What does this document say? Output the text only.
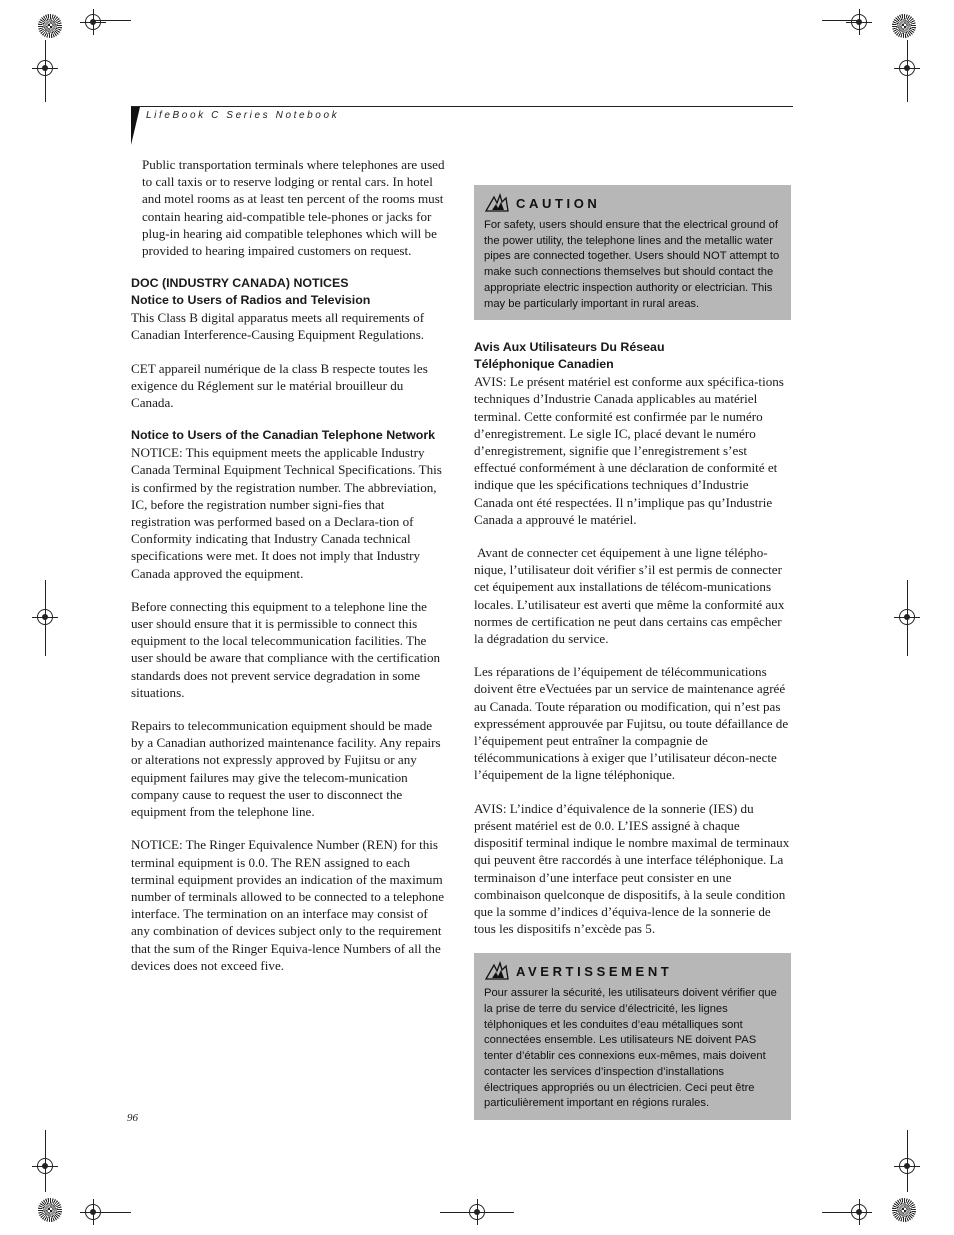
LifeBook C Series Notebook

Public transportation terminals where telephones are used to call taxis or to reserve lodging or rental cars. In hotel and motel rooms as at least ten percent of the rooms must contain hearing aid-compatible tele-phones or jacks for plug-in hearing aid compatible telephones which will be provided to hearing impaired customers on request.

DOC (INDUSTRY CANADA) NOTICES
Notice to Users of Radios and Television

This Class B digital apparatus meets all requirements of Canadian Interference-Causing Equipment Regulations.

CET appareil numérique de la class B respecte toutes les exigence du Réglement sur le matérial brouilleur du Canada.

Notice to Users of the Canadian Telephone Network

NOTICE: This equipment meets the applicable Industry Canada Terminal Equipment Technical Specifications. This is confirmed by the registration number. The abbreviation, IC, before the registration number signi-fies that registration was performed based on a Declara-tion of Conformity indicating that Industry Canada technical specifications were met. It does not imply that Industry Canada approved the equipment.

Before connecting this equipment to a telephone line the user should ensure that it is permissible to connect this equipment to the local telecommunication facilities. The user should be aware that compliance with the certification standards does not prevent service degradation in some situations.

Repairs to telecommunication equipment should be made by a Canadian authorized maintenance facility. Any repairs or alterations not expressly approved by Fujitsu or any equipment failures may give the telecom-munication company cause to request the user to disconnect the equipment from the telephone line.

NOTICE: The Ringer Equivalence Number (REN) for this terminal equipment is 0.0. The REN assigned to each terminal equipment provides an indication of the maximum number of terminals allowed to be connected to a telephone interface. The termination on an interface may consist of any combination of devices subject only to the requirement that the sum of the Ringer Equiva-lence Numbers of all the devices does not exceed five.

CAUTION

For safety, users should ensure that the electrical ground of the power utility, the telephone lines and the metallic water pipes are connected together. Users should NOT attempt to make such connections themselves but should contact the appropriate electric inspection authority or electrician. This may be particularly important in rural areas.

Avis Aux Utilisateurs Du Réseau
Téléphonique Canadien

AVIS: Le présent matériel est conforme aux spécifica-tions techniques d’Industrie Canada applicables au matériel terminal. Cette conformité est confirmée par le numéro d’enregistrement. Le sigle IC, placé devant le numéro d’enregistrement, signifie que l’enregistrement s’est effectué conformément à une déclaration de conformité et indique que les spécifications techniques d’Industrie Canada ont été respectées. Il n’implique pas qu’Industrie Canada a approuvé le matériel.

Avant de connecter cet équipement à une ligne télépho-nique, l’utilisateur doit vérifier s’il est permis de connecter cet équipement aux installations de télécom-munications locales. L’utilisateur est averti que même la conformité aux normes de certification ne peut dans certains cas empêcher la dégradation du service.

Les réparations de l’équipement de télécommunications doivent être eVectuées par un service de maintenance agréé au Canada. Toute réparation ou modification, qui n’est pas expressément approuvée par Fujitsu, ou toute défaillance de l’équipement peut entraîner la compagnie de télécommunications à exiger que l’utilisateur décon-necte l’équipement de la ligne téléphonique.

AVIS: L’indice d’équivalence de la sonnerie (IES) du présent matériel est de 0.0. L’IES assigné à chaque dispositif terminal indique le nombre maximal de terminaux qui peuvent être raccordés à une interface téléphonique. La terminaison d’une interface peut consister en une combinaison quelconque de dispositifs, à la seule condition que la somme d’indices d’équiva-lence de la sonnerie de tous les dispositifs n’excède pas 5.

AVERTISSEMENT

Pour assurer la sécurité, les utilisateurs doivent vérifier que la prise de terre du service d’électricité, les lignes télphoniques et les conduites d’eau métalliques sont connectées ensemble. Les utilisateurs NE doivent PAS tenter d’établir ces connexions eux-mêmes, mais doivent contacter les services d’inspection d’installations électriques appropriés ou un électricien. Ceci peut être particulièrement important en régions rurales.

96
